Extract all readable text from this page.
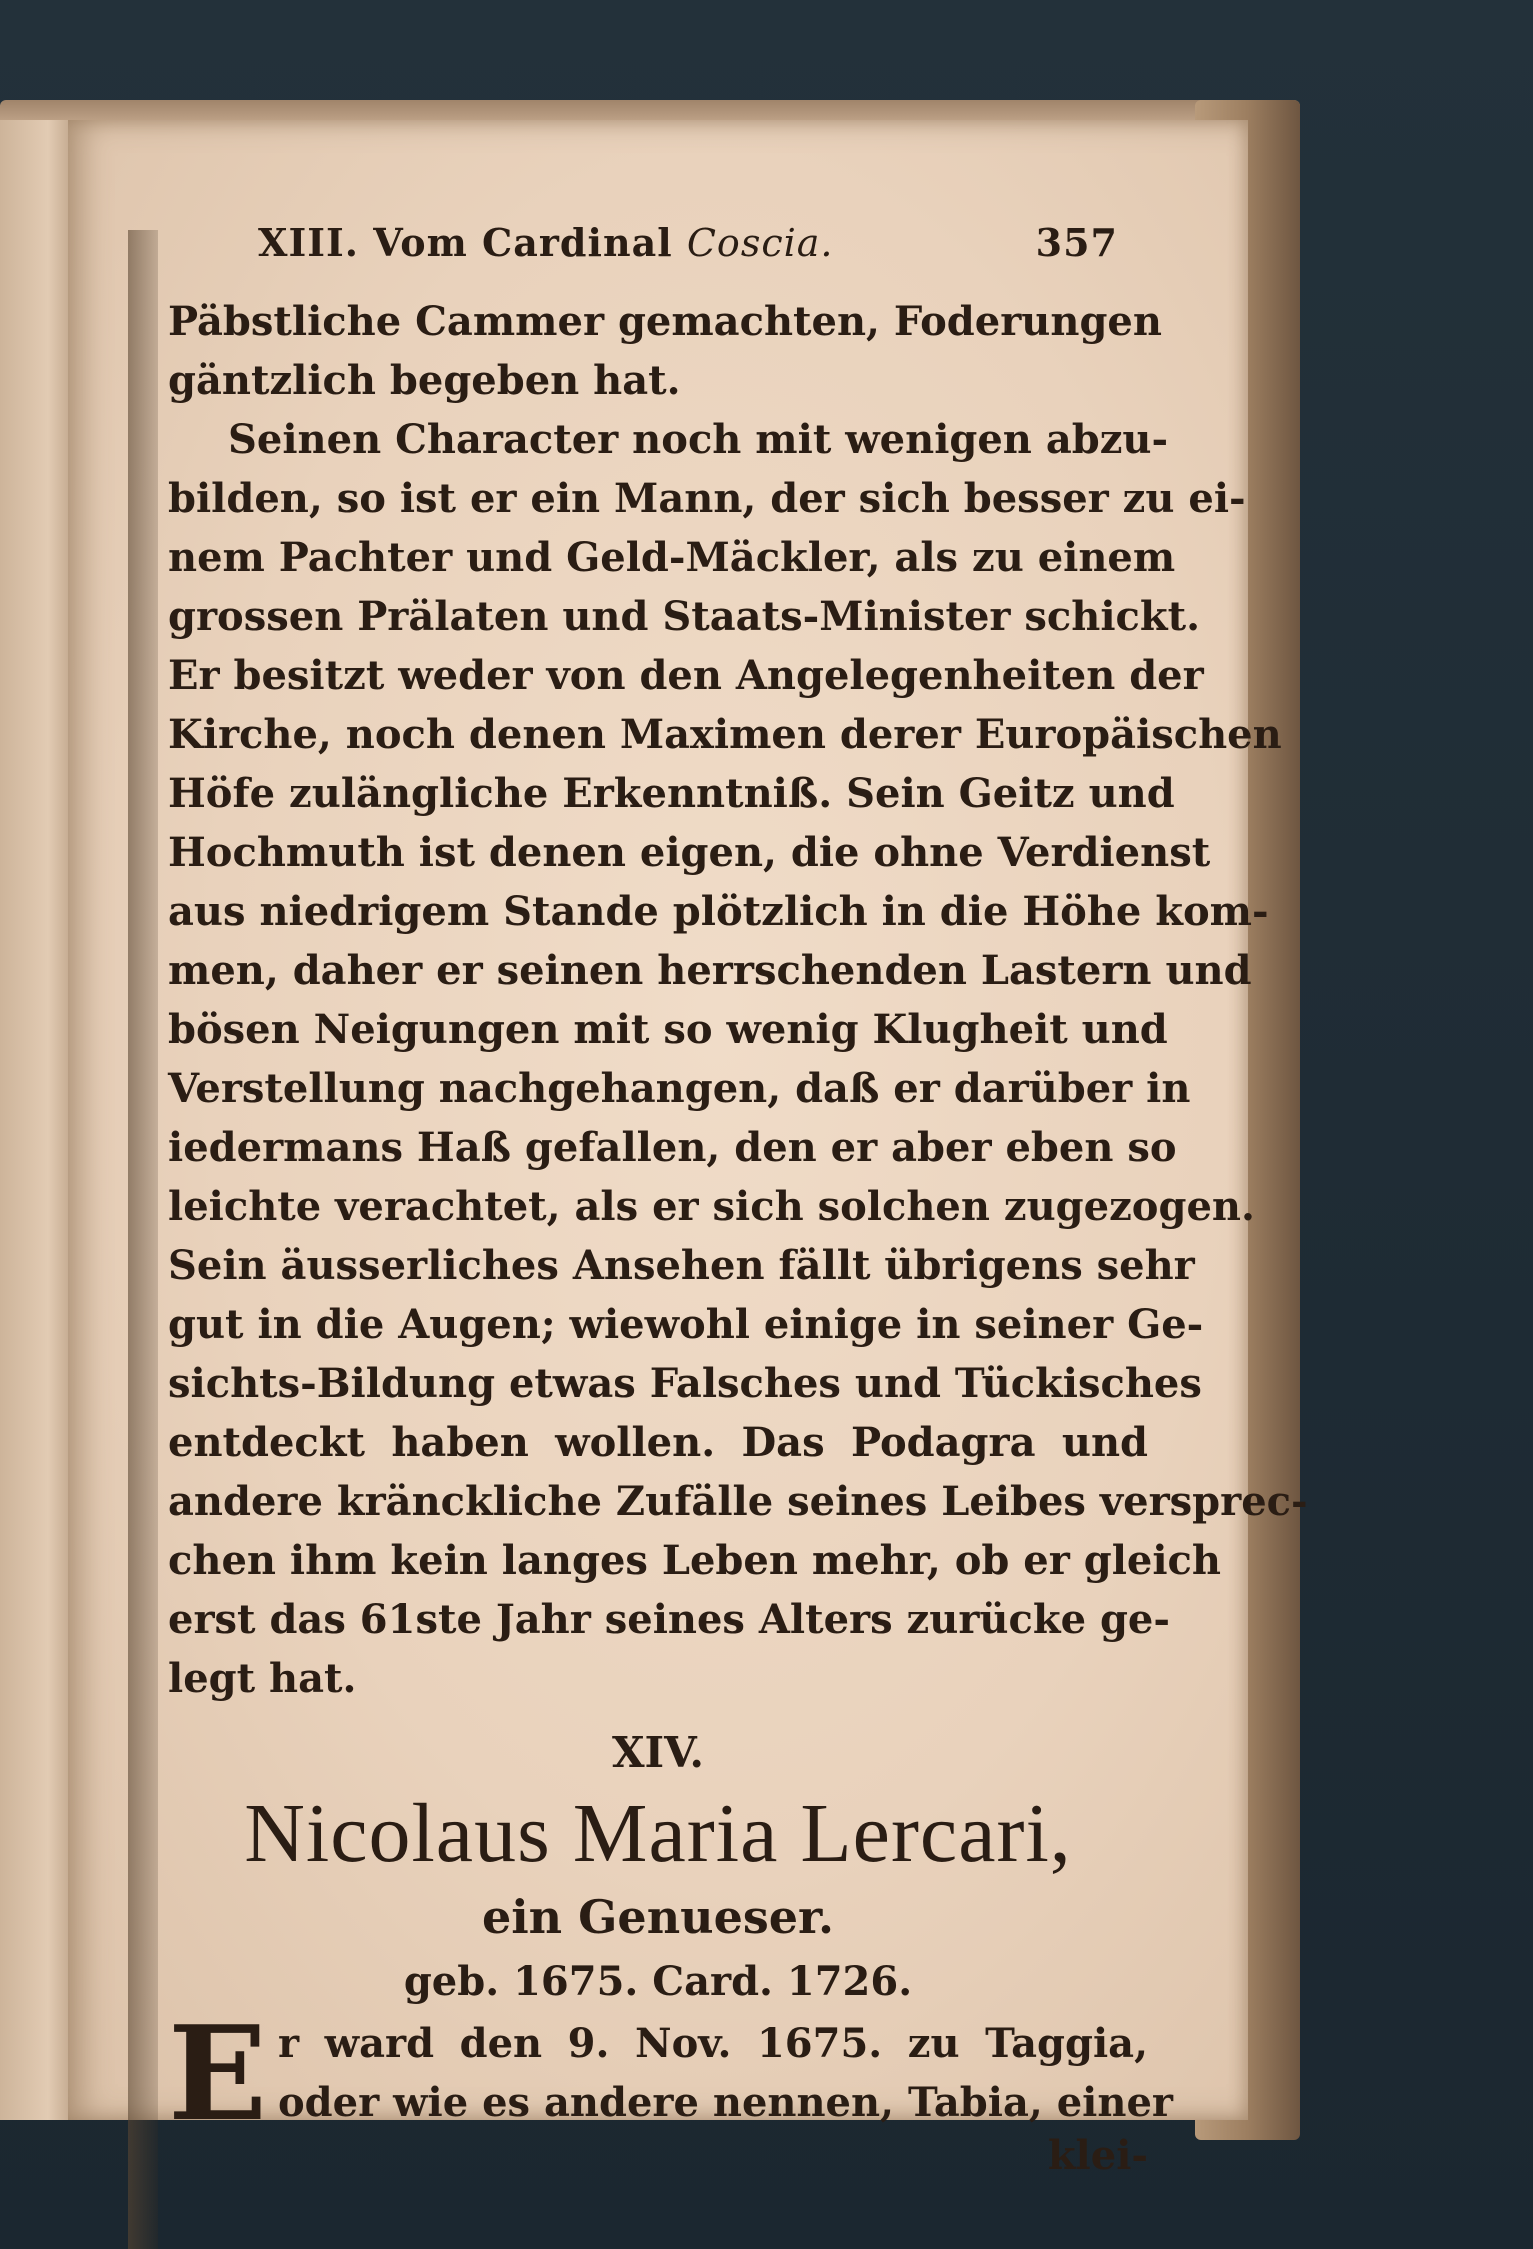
XIII. Vom Cardinal Coscia.	357
Päbstliche Cammer gemachten, Foderungen
gäntzlich begeben hat.
Seinen Character noch mit wenigen abzu-
bilden, so ist er ein Mann, der sich besser zu ei-
nem Pachter und Geld-Mäckler, als zu einem
grossen Prälaten und Staats-Minister schickt.
Er besitzt weder von den Angelegenheiten der
Kirche, noch denen Maximen derer Europäischen
Höfe zulängliche Erkenntniß. Sein Geitz und
Hochmuth ist denen eigen, die ohne Verdienst
aus niedrigem Stande plötzlich in die Höhe kom-
men, daher er seinen herrschenden Lastern und
bösen Neigungen mit so wenig Klugheit und
Verstellung nachgehangen, daß er darüber in
iedermans Haß gefallen, den er aber eben so
leichte verachtet, als er sich solchen zugezogen.
Sein äusserliches Ansehen fällt übrigens sehr
gut in die Augen; wiewohl einige in seiner Ge-
sichts-Bildung etwas Falsches und Tückisches
entdeckt haben wollen. Das Podagra und
andere kränckliche Zufälle seines Leibes versprec-
chen ihm kein langes Leben mehr, ob er gleich
erst das 61ste Jahr seines Alters zurücke ge-
legt hat.
XIV.
Nicolaus Maria Lercari,
ein Genueser.
geb. 1675. Card. 1726.
E r ward den 9. Nov. 1675. zu Taggia,
oder wie es andere nennen, Tabia, einer
klei-
